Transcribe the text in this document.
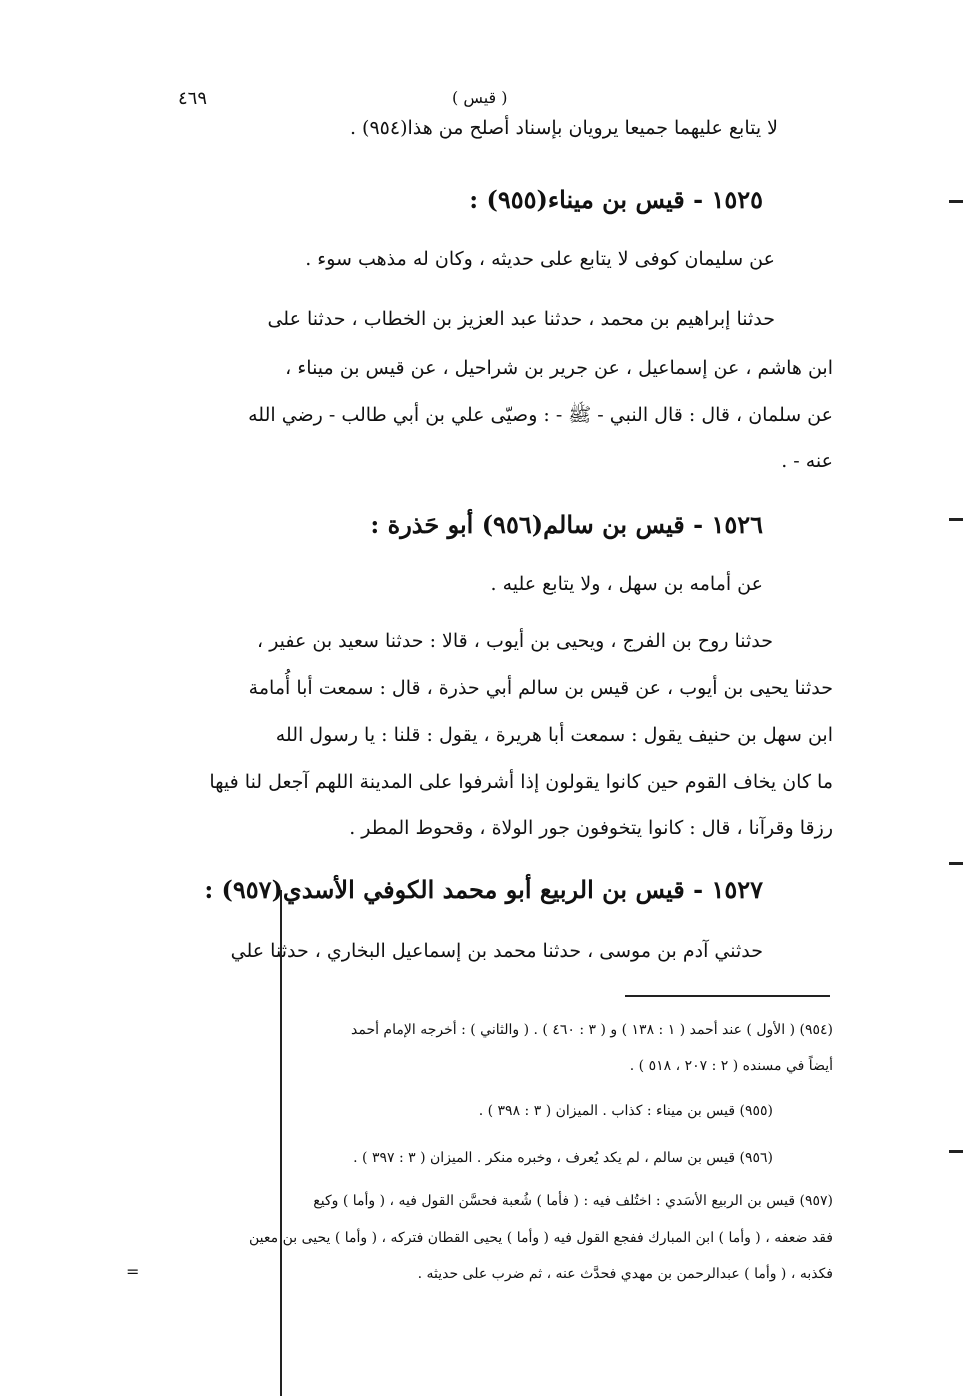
٤٦٩	( قيس )
لا يتابع عليهما جميعا يرويان بإسناد أصلح من هذا(٩٥٤) .
١٥٢٥ - قيس بن ميناء(٩٥٥) :
عن سليمان كوفى لا يتابع على حديثه ، وكان له مذهب سوء .
حدثنا إبراهيم بن محمد ، حدثنا عبد العزيز بن الخطاب ، حدثنا على
ابن هاشم ، عن إسماعيل ، عن جرير بن شراحيل ، عن قيس بن ميناء ،
عن سلمان ، قال : قال النبي - ﷺ - : وصيّى علي بن أبي طالب - رضي الله
عنه - .
١٥٢٦ - قيس بن سالم(٩٥٦) أبو حَذرة :
عن أمامه بن سهل ، ولا يتابع عليه .
حدثنا روح بن الفرج ، ويحيى بن أيوب ، قالا : حدثنا سعيد بن عفير ،
حدثنا يحيى بن أيوب ، عن قيس بن سالم أبي حذرة ، قال : سمعت أبا أُمامة
ابن سهل بن حنيف يقول : سمعت أبا هريرة ، يقول : قلنا : يا رسول الله
ما كان يخاف القوم حين كانوا يقولون إذا أشرفوا على المدينة اللهم آجعل لنا فيها
رزقا وقرآنا ، قال : كانوا يتخوفون جور الولاة ، وقحوط المطر .
١٥٢٧ - قيس بن الربيع أبو محمد الكوفي الأسدي(٩٥٧) :
حدثني آدم بن موسى ، حدثنا محمد بن إسماعيل البخاري ، حدثنا علي
(٩٥٤) ( الأول ) عند أحمد ( ١ : ١٣٨ ) و ( ٣ : ٤٦٠ ) . ( والثاني ) : أخرجه الإمام أحمد
أيضاً في مسنده ( ٢ : ٢٠٧ ، ٥١٨ ) .
(٩٥٥) قيس بن ميناء : كذاب . الميزان ( ٣ : ٣٩٨ ) .
(٩٥٦) قيس بن سالم ، لم يكد يُعرف ، وخبره منكر . الميزان ( ٣ : ٣٩٧ ) .
(٩٥٧) قيس بن الربيع الأسَدي : اختُلف فيه : ( فأما ) شُعبة فحسَّن القول فيه ، ( وأما ) وكيع
فقد ضعفه ، ( وأما ) ابن المبارك ففجع القول فيه ( وأما ) يحيى القطان فتركه ، ( وأما ) يحيى بن معين
فكذبه ، ( وأما ) عبدالرحمن بن مهدي فحدَّث عنه ، ثم ضرب على حديثه .
=
